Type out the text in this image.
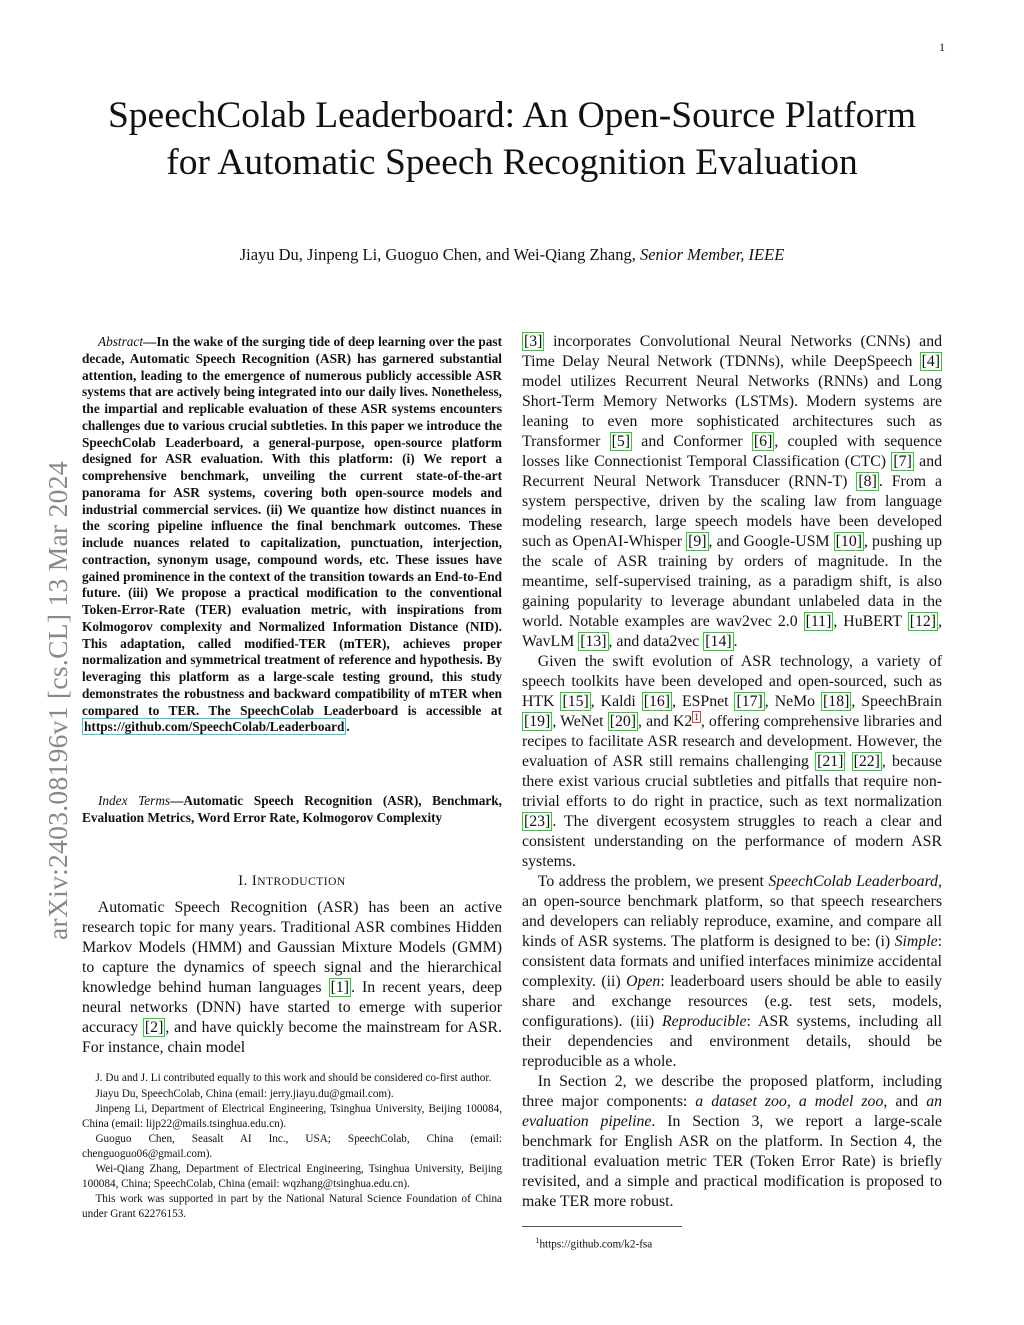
1
arXiv:2403.08196v1 [cs.CL] 13 Mar 2024
SpeechColab Leaderboard: An Open-Source Platform for Automatic Speech Recognition Evaluation
Jiayu Du, Jinpeng Li, Guoguo Chen, and Wei-Qiang Zhang, Senior Member, IEEE

Abstract—In the wake of the surging tide of deep learning over the past decade, Automatic Speech Recognition (ASR) has garnered substantial attention, leading to the emergence of numerous publicly accessible ASR systems that are actively being integrated into our daily lives. Nonetheless, the impartial and replicable evaluation of these ASR systems encounters challenges due to various crucial subtleties. In this paper we introduce the SpeechColab Leaderboard, a general-purpose, open-source platform designed for ASR evaluation. With this platform: (i) We report a comprehensive benchmark, unveiling the current state-of-the-art panorama for ASR systems, covering both open-source models and industrial commercial services. (ii) We quantize how distinct nuances in the scoring pipeline influence the final benchmark outcomes. These include nuances related to capitalization, punctuation, interjection, contraction, synonym usage, compound words, etc. These issues have gained prominence in the context of the transition towards an End-to-End future. (iii) We propose a practical modification to the conventional Token-Error-Rate (TER) evaluation metric, with inspirations from Kolmogorov complexity and Normalized Information Distance (NID). This adaptation, called modified-TER (mTER), achieves proper normalization and symmetrical treatment of reference and hypothesis. By leveraging this platform as a large-scale testing ground, this study demonstrates the robustness and backward compatibility of mTER when compared to TER. The SpeechColab Leaderboard is accessible at https://github.com/SpeechColab/Leaderboard .

Index Terms—Automatic Speech Recognition (ASR), Benchmark, Evaluation Metrics, Word Error Rate, Kolmogorov Complexity

I. INTRODUCTION

Automatic Speech Recognition (ASR) has been an active research topic for many years. Traditional ASR combines Hidden Markov Models (HMM) and Gaussian Mixture Models (GMM) to capture the dynamics of speech signal and the hierarchical knowledge behind human languages [1] . In recent years, deep neural networks (DNN) have started to emerge with superior accuracy [2] , and have quickly become the mainstream for ASR. For instance, chain model

J. Du and J. Li contributed equally to this work and should be considered co-first author.

Jiayu Du, SpeechColab, China (email: jerry.jiayu.du@gmail.com).

Jinpeng Li, Department of Electrical Engineering, Tsinghua University, Beijing 100084, China (email: lijp22@mails.tsinghua.edu.cn).

Guoguo Chen, Seasalt AI Inc., USA; SpeechColab, China (email: chenguoguo06@gmail.com).

Wei-Qiang Zhang, Department of Electrical Engineering, Tsinghua University, Beijing 100084, China; SpeechColab, China (email: wqzhang@tsinghua.edu.cn).

This work was supported in part by the National Natural Science Foundation of China under Grant 62276153.

[3] incorporates Convolutional Neural Networks (CNNs) and Time Delay Neural Network (TDNNs), while DeepSpeech [4] model utilizes Recurrent Neural Networks (RNNs) and Long Short-Term Memory Networks (LSTMs). Modern systems are leaning to even more sophisticated architectures such as Transformer [5] and Conformer [6] , coupled with sequence losses like Connectionist Temporal Classification (CTC) [7] and Recurrent Neural Network Transducer (RNN-T) [8] . From a system perspective, driven by the scaling law from language modeling research, large speech models have been developed such as OpenAI-Whisper [9] , and Google-USM [10] , pushing up the scale of ASR training by orders of magnitude. In the meantime, self-supervised training, as a paradigm shift, is also gaining popularity to leverage abundant unlabeled data in the world. Notable examples are wav2vec 2.0 [11] , HuBERT [12] , WavLM [13] , and data2vec [14] .

Given the swift evolution of ASR technology, a variety of speech toolkits have been developed and open-sourced, such as HTK [15] , Kaldi [16] , ESPnet [17] , NeMo [18] , SpeechBrain [19] , WeNet [20] , and K2 $^1$ , offering comprehensive libraries and recipes to facilitate ASR research and development. However, the evaluation of ASR still remains challenging [21] [22] , because there exist various crucial subtleties and pitfalls that require non-trivial efforts to do right in practice, such as text normalization [23] . The divergent ecosystem struggles to reach a clear and consistent understanding on the performance of modern ASR systems.

To address the problem, we present SpeechColab Leaderboard, an open-source benchmark platform, so that speech researchers and developers can reliably reproduce, examine, and compare all kinds of ASR systems. The platform is designed to be: (i) Simple: consistent data formats and unified interfaces minimize accidental complexity. (ii) Open: leaderboard users should be able to easily share and exchange resources (e.g. test sets, models, configurations). (iii) Reproducible: ASR systems, including all their dependencies and environment details, should be reproducible as a whole.

In Section 2, we describe the proposed platform, including three major components: a dataset zoo, a model zoo, and an evaluation pipeline. In Section 3, we report a large-scale benchmark for English ASR on the platform. In Section 4, the traditional evaluation metric TER (Token Error Rate) is briefly revisited, and a simple and practical modification is proposed to make TER more robust.

$^1$https://github.com/k2-fsa
